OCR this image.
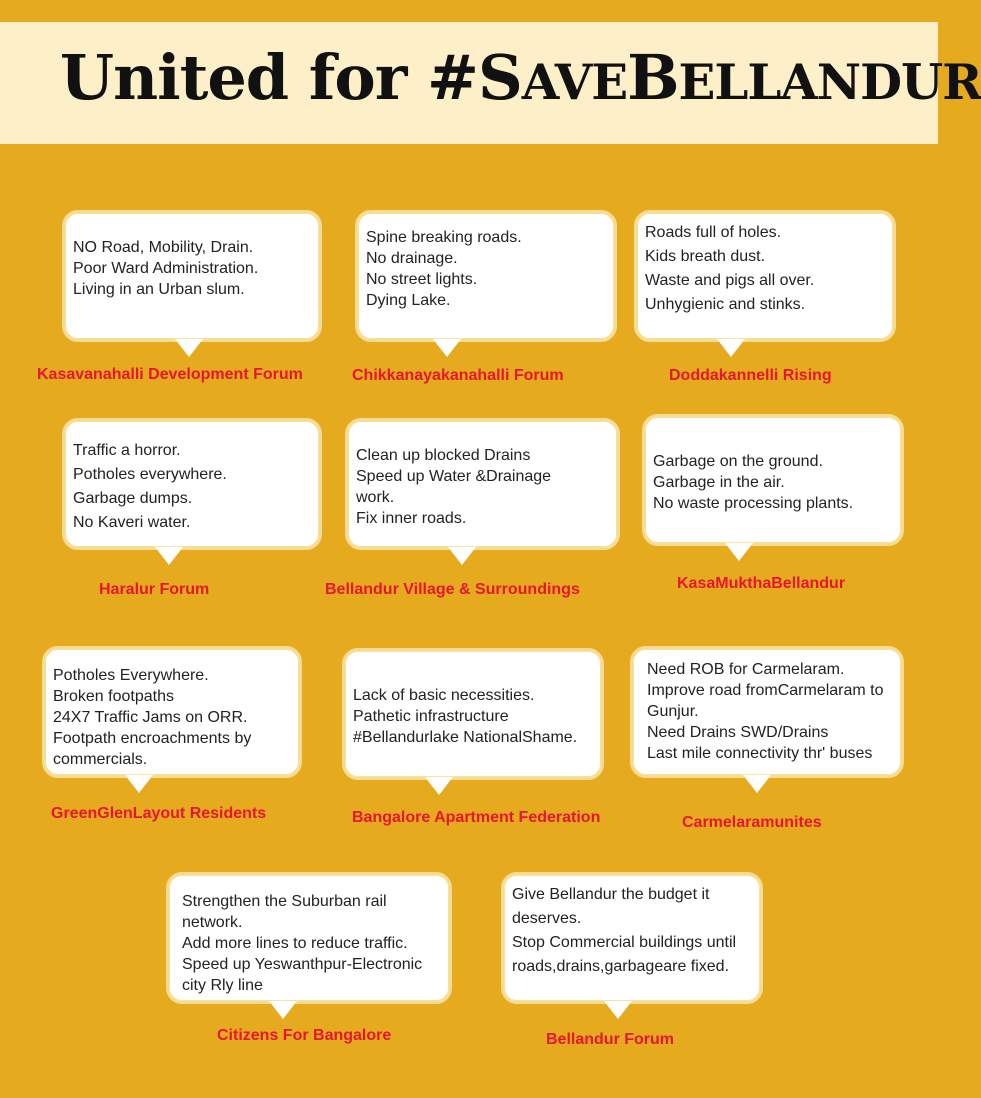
United for #SAVEBELLANDUR
NO Road, Mobility, Drain.
Poor Ward Administration.
Living in an Urban slum.
Kasavanahalli Development Forum
Spine breaking roads.
No drainage.
No street lights.
Dying Lake.
Chikkanayakanahalli Forum
Roads full of holes.
Kids breath dust.
Waste and pigs all over.
Unhygienic and stinks.
Doddakannelli Rising
Traffic a horror.
Potholes everywhere.
Garbage dumps.
No Kaveri water.
Haralur Forum
Clean up blocked Drains
Speed up Water &Drainage
work.
Fix inner roads.
Bellandur Village & Surroundings
Garbage on the ground.
Garbage in the air.
No waste processing plants.
KasaMukthaBellandur
Potholes Everywhere.
Broken footpaths
24X7 Traffic Jams on ORR.
Footpath encroachments by
commercials.
GreenGlenLayout Residents
Lack of basic necessities.
Pathetic infrastructure
#Bellandurlake NationalShame.
Bangalore Apartment Federation
Need ROB for Carmelaram.
Improve road fromCarmelaram to
Gunjur.
Need Drains SWD/Drains
Last mile connectivity thr' buses
Carmelaramunites
Strengthen the Suburban rail
network.
Add more lines to reduce traffic.
Speed up Yeswanthpur-Electronic
city Rly line
Citizens For Bangalore
Give Bellandur the budget it
deserves.
Stop Commercial buildings until
roads,drains,garbageare fixed.
Bellandur Forum
